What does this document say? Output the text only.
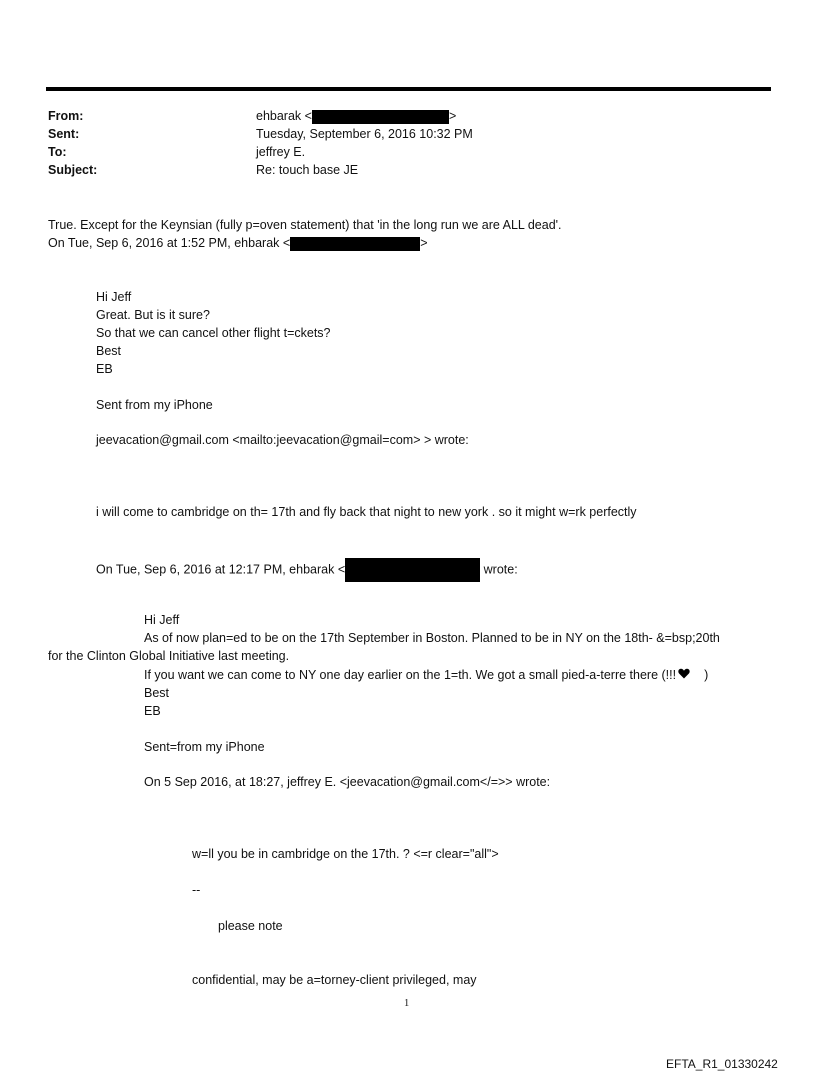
From:	ehbarak <	>
Sent:	Tuesday, September 6, 2016 10:32 PM
To:	jeffrey E.
Subject:	Re: touch base JE
True. Except for the Keynsian (fully p=oven statement) that 'in the long run we are ALL dead'.
On Tue, Sep 6, 2016 at 1:52 PM, ehbarak <	>
Hi Jeff
Great. But is it sure?
So that we can cancel other flight t=ckets?
Best
EB
Sent from my iPhone
jeevacation@gmail.com <mailto:jeevacation@gmail=com> > wrote:
i will come to cambridge on th= 17th and fly back that night to new york . so it might w=rk perfectly
On Tue, Sep 6, 2016 at 12:17 PM, ehbarak <	wrote:
Hi Jeff
As of now plan=ed to be on the 17th September in Boston. Planned to be in NY on the 18th- &=bsp;20th
for the Clinton Global Initiative last meeting.
If you want we can come to NY one day earlier on the 1=th. We got a small pied-a-terre there (!!! )
Best
EB
Sent=from my iPhone
On 5 Sep 2016, at 18:27, jeffrey E. <jeevacation@gmail.com</=>> wrote:
w=ll you be in cambridge on the 17th. ? <=r clear="all">
--
please note
confidential, may be a=torney-client privileged, may
1
EFTA_R1_01330242
